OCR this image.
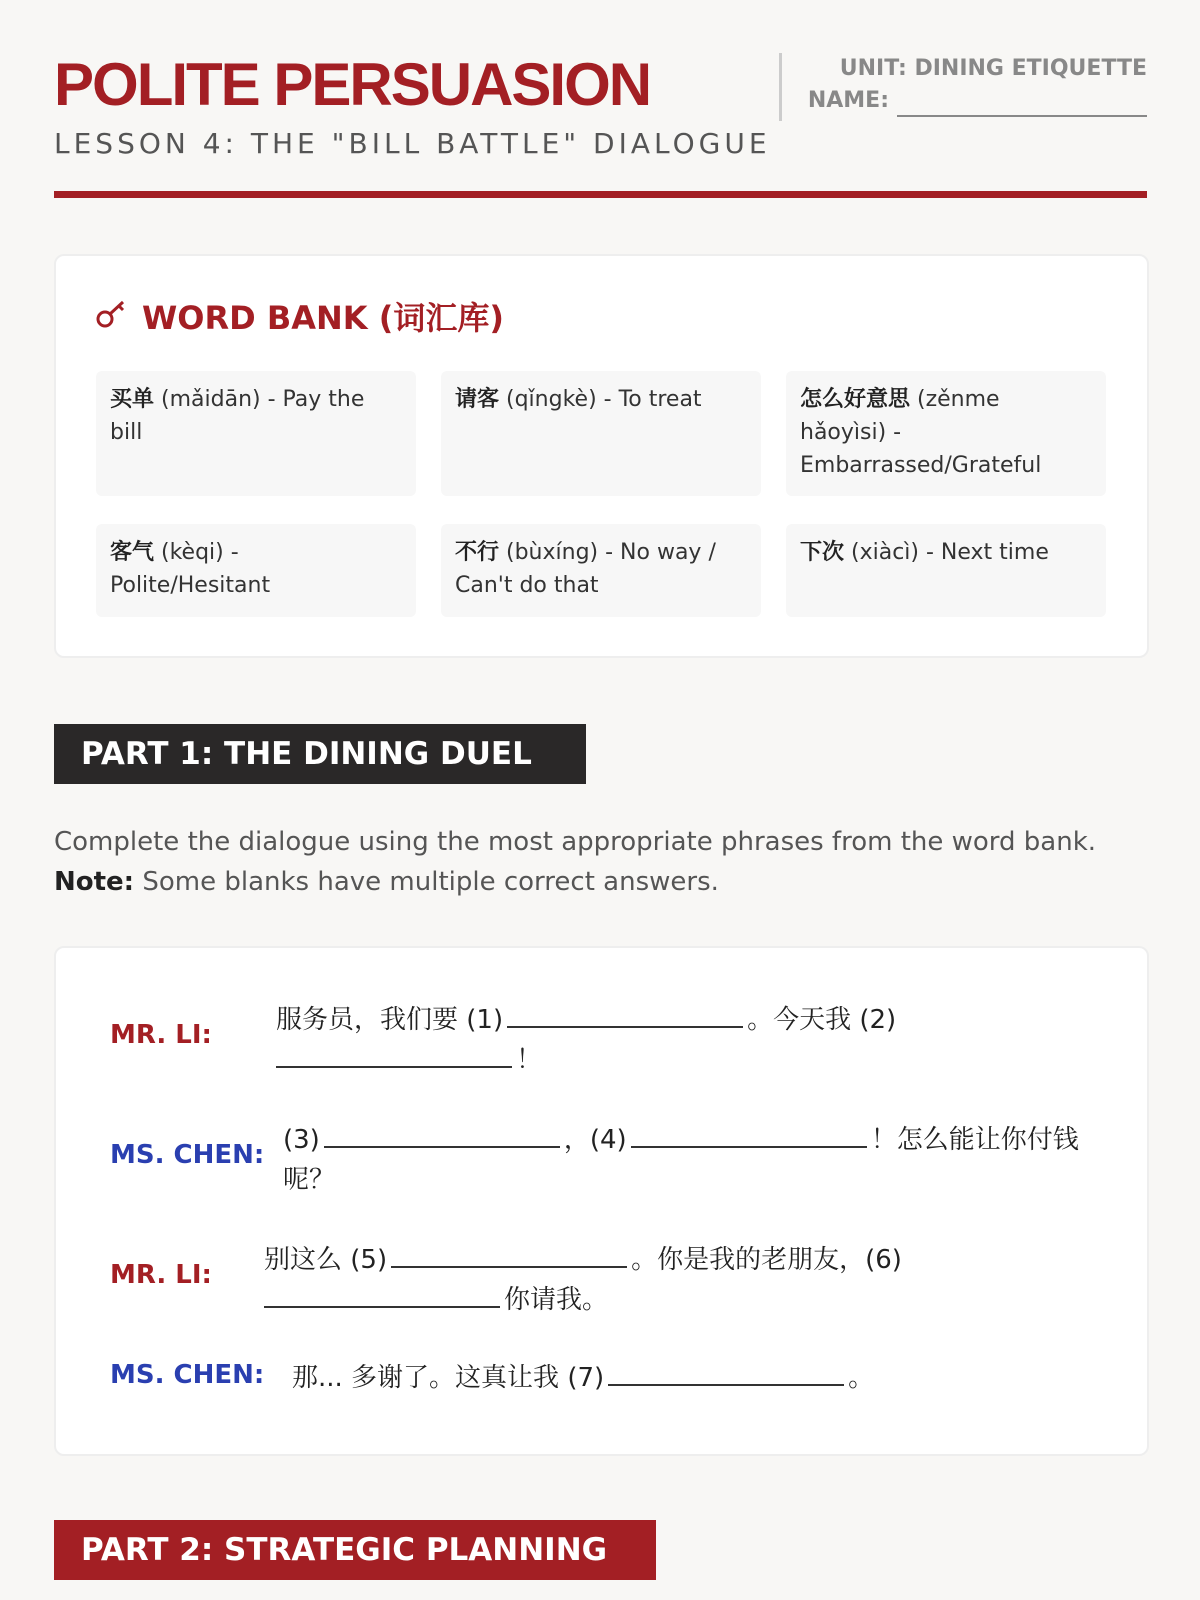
POLITE PERSUASION
LESSON 4: THE "BILL BATTLE" DIALOGUE
UNIT: DINING ETIQUETTE
NAME:
WORD BANK (词汇库)
买单 (mǎidān) - Pay the bill
请客 (qǐngkè) - To treat	怎么好意思 (zěnme hǎoyìsi) - Embarrassed/Grateful
客气 (kèqi) - Polite/Hesitant
不行 (bùxíng) - No way / Can't do that
下次 (xiàcì) - Next time
PART 1: THE DINING DUEL
Complete the dialogue using the most appropriate phrases from the word bank. Note: Some blanks have multiple correct answers.
MR. LI: 服务员，我们要 (1)	。今天我 (2)
！
MS. CHEN: (3)	，(4)	！怎么能让你付钱呢？
MR. LI: 别这么 (5)	。你是我的老朋友，(6)
你请我。
MS. CHEN: 那... 多谢了。这真让我 (7)	。
PART 2: STRATEGIC PLANNING
